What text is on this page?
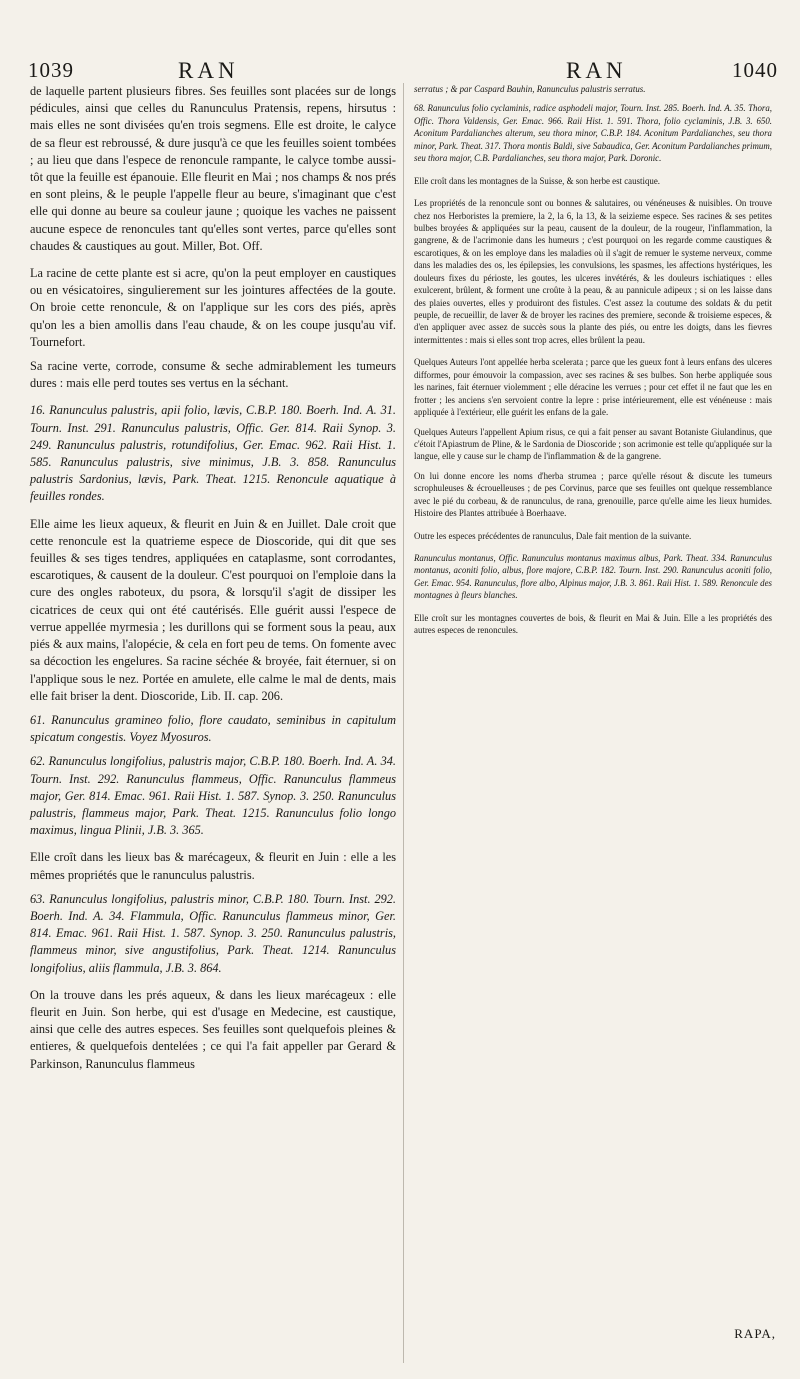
1039	RAN	RAN	1040

de laquelle partent plusieurs fibres. Ses feuilles sont placées sur de longs pédicules, ainsi que celles du Ranunculus Pratensis, repens, hirsutus : mais elles ne sont divisées qu'en trois segmens. Elle est droite, le calyce de sa fleur est rebroussé, & dure jusqu'à ce que les feuilles soient tombées ; au lieu que dans l'espece de renoncule rampante, le calyce tombe aussi-tôt que la feuille est épanouie. Elle fleurit en Mai ; nos champs & nos prés en sont pleins, & le peuple l'appelle fleur au beure, s'imaginant que c'est elle qui donne au beure sa couleur jaune ; quoique les vaches ne paissent aucune espece de renoncules tant qu'elles sont vertes, parce qu'elles sont chaudes & caustiques au gout. Miller, Bot. Off.

La racine de cette plante est si acre, qu'on la peut employer en caustiques ou en vésicatoires, singulierement sur les jointures affectées de la goute. On broie cette renoncule, & on l'applique sur les cors des piés, après qu'on les a bien amollis dans l'eau chaude, & on les coupe jusqu'au vif. Tournefort.

Sa racine verte, corrode, consume & seche admirablement les tumeurs dures : mais elle perd toutes ses vertus en la séchant.

16. Ranunculus palustris, apii folio, lævis, C.B.P. 180. Boerh. Ind. A. 31. Tourn. Inst. 291. Ranunculus palustris, Offic. Ger. 814. Raii Synop. 3. 249. Ranunculus palustris, rotundifolius, Ger. Emac. 962. Raii Hist. 1. 585. Ranunculus palustris, sive minimus, J.B. 3. 858. Ranunculus palustris Sardonius, lævis, Park. Theat. 1215. Renoncule aquatique à feuilles rondes.

Elle aime les lieux aqueux, & fleurit en Juin & en Juillet. Dale croit que cette renoncule est la quatrieme espece de Dioscoride, qui dit que ses feuilles & ses tiges tendres, appliquées en cataplasme, sont corrodantes, escarotiques, & causent de la douleur. C'est pourquoi on l'emploie dans la cure des ongles raboteux, du psora, & lorsqu'il s'agit de dissiper les cicatrices de ceux qui ont été cautérisés. Elle guérit aussi l'espece de verrue appellée myrmesia ; les durillons qui se forment sous la peau, aux piés & aux mains, l'alopécie, & cela en fort peu de tems. On fomente avec sa décoction les engelures. Sa racine séchée & broyée, fait éternuer, si on l'applique sous le nez. Portée en amulete, elle calme le mal de dents, mais elle fait briser la dent. Dioscoride, Lib. II. cap. 206.

61. Ranunculus gramineo folio, flore caudato, seminibus in capitulum spicatum congestis. Voyez Myosuros.

62. Ranunculus longifolius, palustris major, C.B.P. 180. Boerh. Ind. A. 34. Tourn. Inst. 292. Ranunculus flammeus, Offic. Ranunculus flammeus major, Ger. 814. Emac. 961. Raii Hist. 1. 587. Synop. 3. 250. Ranunculus palustris, flammeus major, Park. Theat. 1215. Ranunculus folio longo maximus, lingua Plinii, J.B. 3. 365.

Elle croît dans les lieux bas & marécageux, & fleurit en Juin : elle a les mêmes propriétés que le ranunculus palustris.

63. Ranunculus longifolius, palustris minor, C.B.P. 180. Tourn. Inst. 292. Boerh. Ind. A. 34. Flammula, Offic. Ranunculus flammeus minor, Ger. 814. Emac. 961. Raii Hist. 1. 587. Synop. 3. 250. Ranunculus palustris, flammeus minor, sive angustifolius, Park. Theat. 1214. Ranunculus longifolius, aliis flammula, J.B. 3. 864.

On la trouve dans les prés aqueux, & dans les lieux marécageux : elle fleurit en Juin. Son herbe, qui est d'usage en Medecine, est caustique, ainsi que celle des autres especes. Ses feuilles sont quelquefois pleines & entieres, & quelquefois dentelées ; ce qui l'a fait appeller par Gerard & Parkinson, Ranunculus flammeus

serratus ; & par Caspard Bauhin, Ranunculus palustris serratus.

68. Ranunculus folio cyclaminis, radice asphodeli major, Tourn. Inst. 285. Boerh. Ind. A. 35. Thora, Offic. Thora Valdensis, Ger. Emac. 966. Raii Hist. 1. 591. Thora, folio cyclaminis, J.B. 3. 650. Aconitum Pardalianches alterum, seu thora minor, C.B.P. 184. Aconitum Pardalianches, seu thora minor, Park. Theat. 317. Thora montis Baldi, sive Sabaudica, Ger. Aconitum Pardalianches primum, seu thora major, C.B. Pardalianches, seu thora major, Park. Doronic.

Elle croît dans les montagnes de la Suisse, & son herbe est caustique.

Les propriétés de la renoncule sont ou bonnes & salutaires, ou vénéneuses & nuisibles. On trouve chez nos Herboristes la premiere, la 2, la 6, la 13, & la seizieme espece. Ses racines & ses petites bulbes broyées & appliquées sur la peau, causent de la douleur, de la rougeur, l'inflammation, la gangrene, & de l'acrimonie dans les humeurs ; c'est pourquoi on les regarde comme caustiques & escarotiques, & on les employe dans les maladies où il s'agit de remuer le systeme nerveux, comme dans les maladies des os, les épilepsies, les convulsions, les spasmes, les affections hystériques, les douleurs fixes du périoste, les goutes, les ulceres invétérés, & les douleurs ischiatiques : elles exulcerent, brûlent, & forment une croûte à la peau, & au pannicule adipeux ; si on les laisse dans des plaies ouvertes, elles y produiront des fistules. C'est assez la coutume des soldats & du petit peuple, de recueillir, de laver & de broyer les racines des premiere, seconde & troisieme especes, & d'en appliquer avec assez de succès sous la plante des piés, ou entre les doigts, dans les fievres intermittentes : mais si elles sont trop acres, elles brûlent la peau.

Quelques Auteurs l'ont appellée herba scelerata ; parce que les gueux font à leurs enfans des ulceres difformes, pour émouvoir la compassion, avec ses racines & ses bulbes. Son herbe appliquée sous les narines, fait éternuer violemment ; elle déracine les verrues ; pour cet effet il ne faut que les en frotter ; les anciens s'en servoient contre la lepre : prise intérieurement, elle est vénéneuse : mais appliquée à l'extérieur, elle guérit les enfans de la gale.

Quelques Auteurs l'appellent Apium risus, ce qui a fait penser au savant Botaniste Giulandinus, que c'étoit l'Apiastrum de Pline, & le Sardonia de Dioscoride ; son acrimonie est telle qu'appliquée sur la langue, elle y cause sur le champ de l'inflammation & de la gangrene.

On lui donne encore les noms d'herba strumea ; parce qu'elle résout & discute les tumeurs scrophuleuses & écrouelleuses ; de pes Corvinus, parce que ses feuilles ont quelque ressemblance avec le pié du corbeau, & de ranunculus, de rana, grenouille, parce qu'elle aime les lieux humides. Histoire des Plantes attribuée à Boerhaave.

Outre les especes précédentes de ranunculus, Dale fait mention de la suivante.

Ranunculus montanus, Offic. Ranunculus montanus maximus albus, Park. Theat. 334. Ranunculus montanus, aconiti folio, albus, flore majore, C.B.P. 182. Tourn. Inst. 290. Ranunculus aconiti folio, Ger. Emac. 954. Ranunculus, flore albo, Alpinus major, J.B. 3. 861. Raii Hist. 1. 589. Renoncule des montagnes à fleurs blanches.

Elle croît sur les montagnes couvertes de bois, & fleurit en Mai & Juin. Elle a les propriétés des autres especes de renoncules.

RAPA,
